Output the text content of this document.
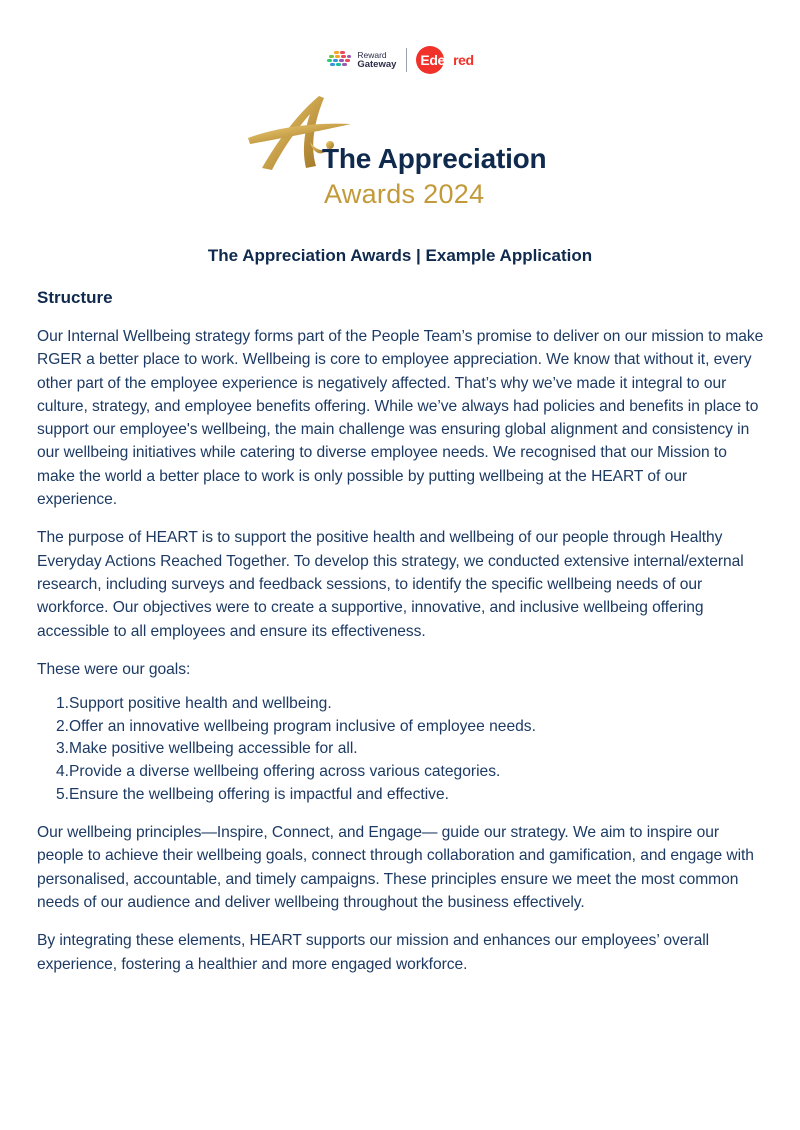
Reward
Gateway Edenred
The Appreciation
Awards 2024
The Appreciation Awards | Example Application
Structure

Our Internal Wellbeing strategy forms part of the People Team’s promise to deliver on our mission to make RGER a better place to work. Wellbeing is core to employee appreciation. We know that without it, every other part of the employee experience is negatively affected. That’s why we’ve made it integral to our culture, strategy, and employee benefits offering. While we’ve always had policies and benefits in place to support our employee's wellbeing, the main challenge was ensuring global alignment and consistency in our wellbeing initiatives while catering to diverse employee needs. We recognised that our Mission to make the world a better place to work is only possible by putting wellbeing at the HEART of our experience.

The purpose of HEART is to support the positive health and wellbeing of our people through Healthy Everyday Actions Reached Together. To develop this strategy, we conducted extensive internal/external research, including surveys and feedback sessions, to identify the specific wellbeing needs of our workforce. Our objectives were to create a supportive, innovative, and inclusive wellbeing offering accessible to all employees and ensure its effectiveness.

These were our goals:

1. Support positive health and wellbeing.
2. Offer an innovative wellbeing program inclusive of employee needs.
3. Make positive wellbeing accessible for all.
4. Provide a diverse wellbeing offering across various categories.
5. Ensure the wellbeing offering is impactful and effective.

Our wellbeing principles—Inspire, Connect, and Engage— guide our strategy. We aim to inspire our people to achieve their wellbeing goals, connect through collaboration and gamification, and engage with personalised, accountable, and timely campaigns. These principles ensure we meet the most common needs of our audience and deliver wellbeing throughout the business effectively.

By integrating these elements, HEART supports our mission and enhances our employees’ overall experience, fostering a healthier and more engaged workforce.
